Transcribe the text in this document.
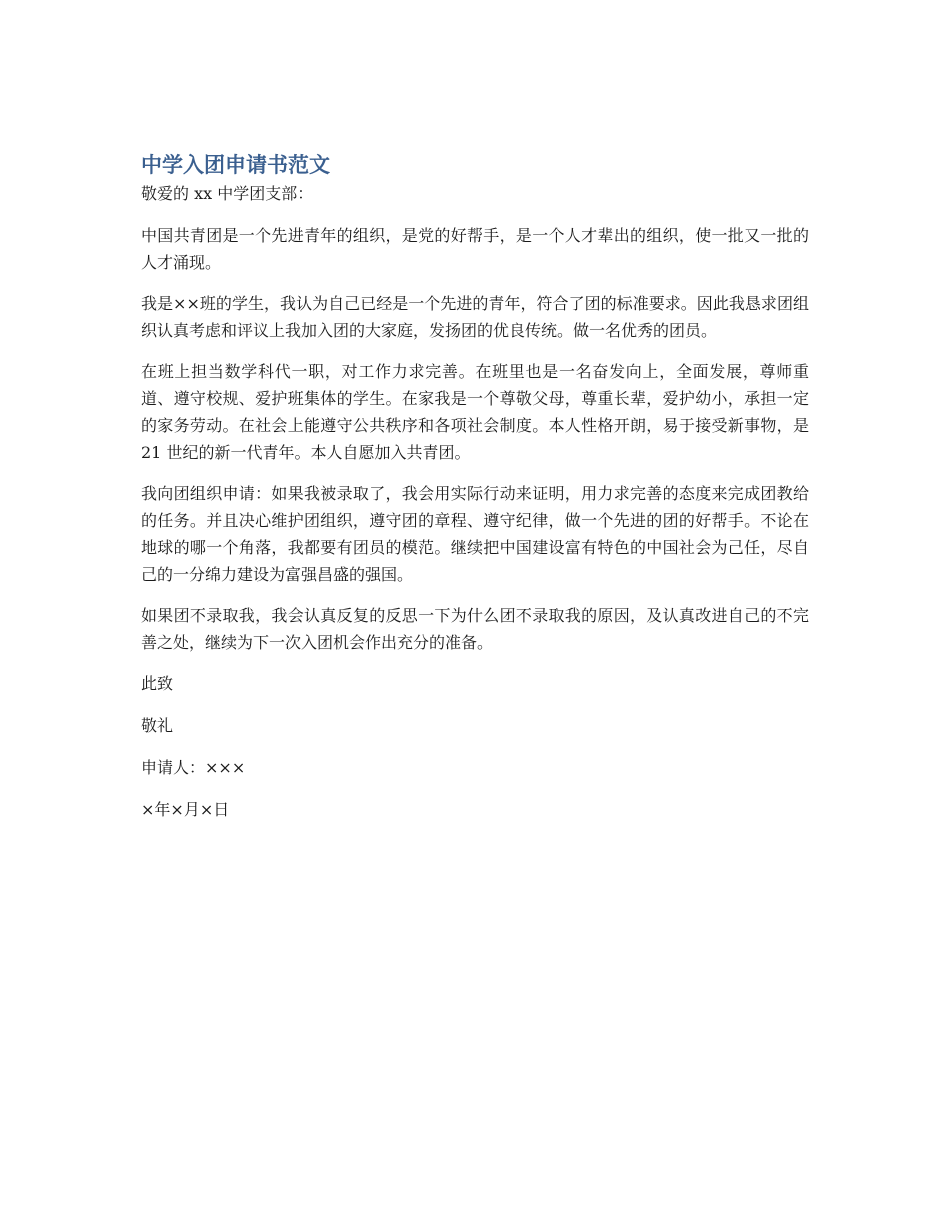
中学入团申请书范文

敬爱的 xx 中学团支部：

中国共青团是一个先进青年的组织，是党的好帮手，是一个人才辈出的组织，使一批又一批的人才涌现。

我是××班的学生，我认为自己已经是一个先进的青年，符合了团的标准要求。因此我恳求团组织认真考虑和评议上我加入团的大家庭，发扬团的优良传统。做一名优秀的团员。

在班上担当数学科代一职，对工作力求完善。在班里也是一名奋发向上，全面发展，尊师重道、遵守校规、爱护班集体的学生。在家我是一个尊敬父母，尊重长辈，爱护幼小，承担一定的家务劳动。在社会上能遵守公共秩序和各项社会制度。本人性格开朗，易于接受新事物，是 21 世纪的新一代青年。本人自愿加入共青团。

我向团组织申请：如果我被录取了，我会用实际行动来证明，用力求完善的态度来完成团教给的任务。并且决心维护团组织，遵守团的章程、遵守纪律，做一个先进的团的好帮手。不论在地球的哪一个角落，我都要有团员的模范。继续把中国建设富有特色的中国社会为己任，尽自己的一分绵力建设为富强昌盛的强国。

如果团不录取我，我会认真反复的反思一下为什么团不录取我的原因，及认真改进自己的不完善之处，继续为下一次入团机会作出充分的准备。

此致

敬礼

申请人：×××

×年×月×日
